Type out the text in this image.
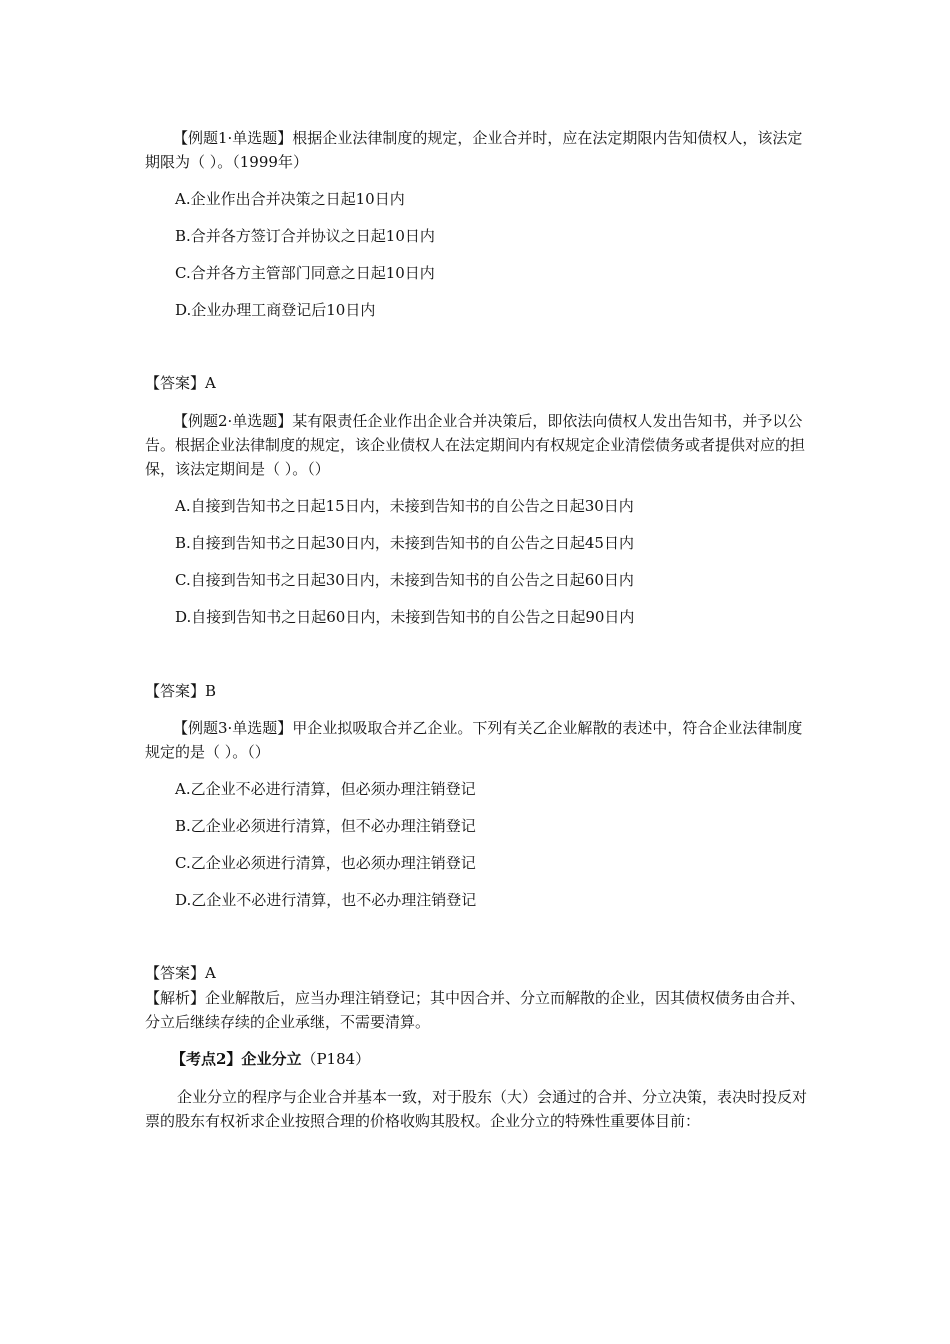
【例题1·单选题】根据企业法律制度的规定，企业合并时，应在法定期限内告知债权人，该法定期限为（ ）。（1999年）
A.企业作出合并决策之日起10日内
B.合并各方签订合并协议之日起10日内
C.合并各方主管部门同意之日起10日内
D.企业办理工商登记后10日内
【答案】A
【例题2·单选题】某有限责任企业作出企业合并决策后，即依法向债权人发出告知书，并予以公告。根据企业法律制度的规定，该企业债权人在法定期间内有权规定企业清偿债务或者提供对应的担保，该法定期间是（ ）。（）
A.自接到告知书之日起15日内，未接到告知书的自公告之日起30日内
B.自接到告知书之日起30日内，未接到告知书的自公告之日起45日内
C.自接到告知书之日起30日内，未接到告知书的自公告之日起60日内
D.自接到告知书之日起60日内，未接到告知书的自公告之日起90日内
【答案】B
【例题3·单选题】甲企业拟吸取合并乙企业。下列有关乙企业解散的表述中，符合企业法律制度规定的是（ ）。（）
A.乙企业不必进行清算，但必须办理注销登记
B.乙企业必须进行清算，但不必办理注销登记
C.乙企业必须进行清算，也必须办理注销登记
D.乙企业不必进行清算，也不必办理注销登记
【答案】A
【解析】企业解散后，应当办理注销登记；其中因合并、分立而解散的企业，因其债权债务由合并、分立后继续存续的企业承继，不需要清算。
【考点2】企业分立（P184）
企业分立的程序与企业合并基本一致，对于股东（大）会通过的合并、分立决策，表决时投反对票的股东有权祈求企业按照合理的价格收购其股权。企业分立的特殊性重要体目前：
